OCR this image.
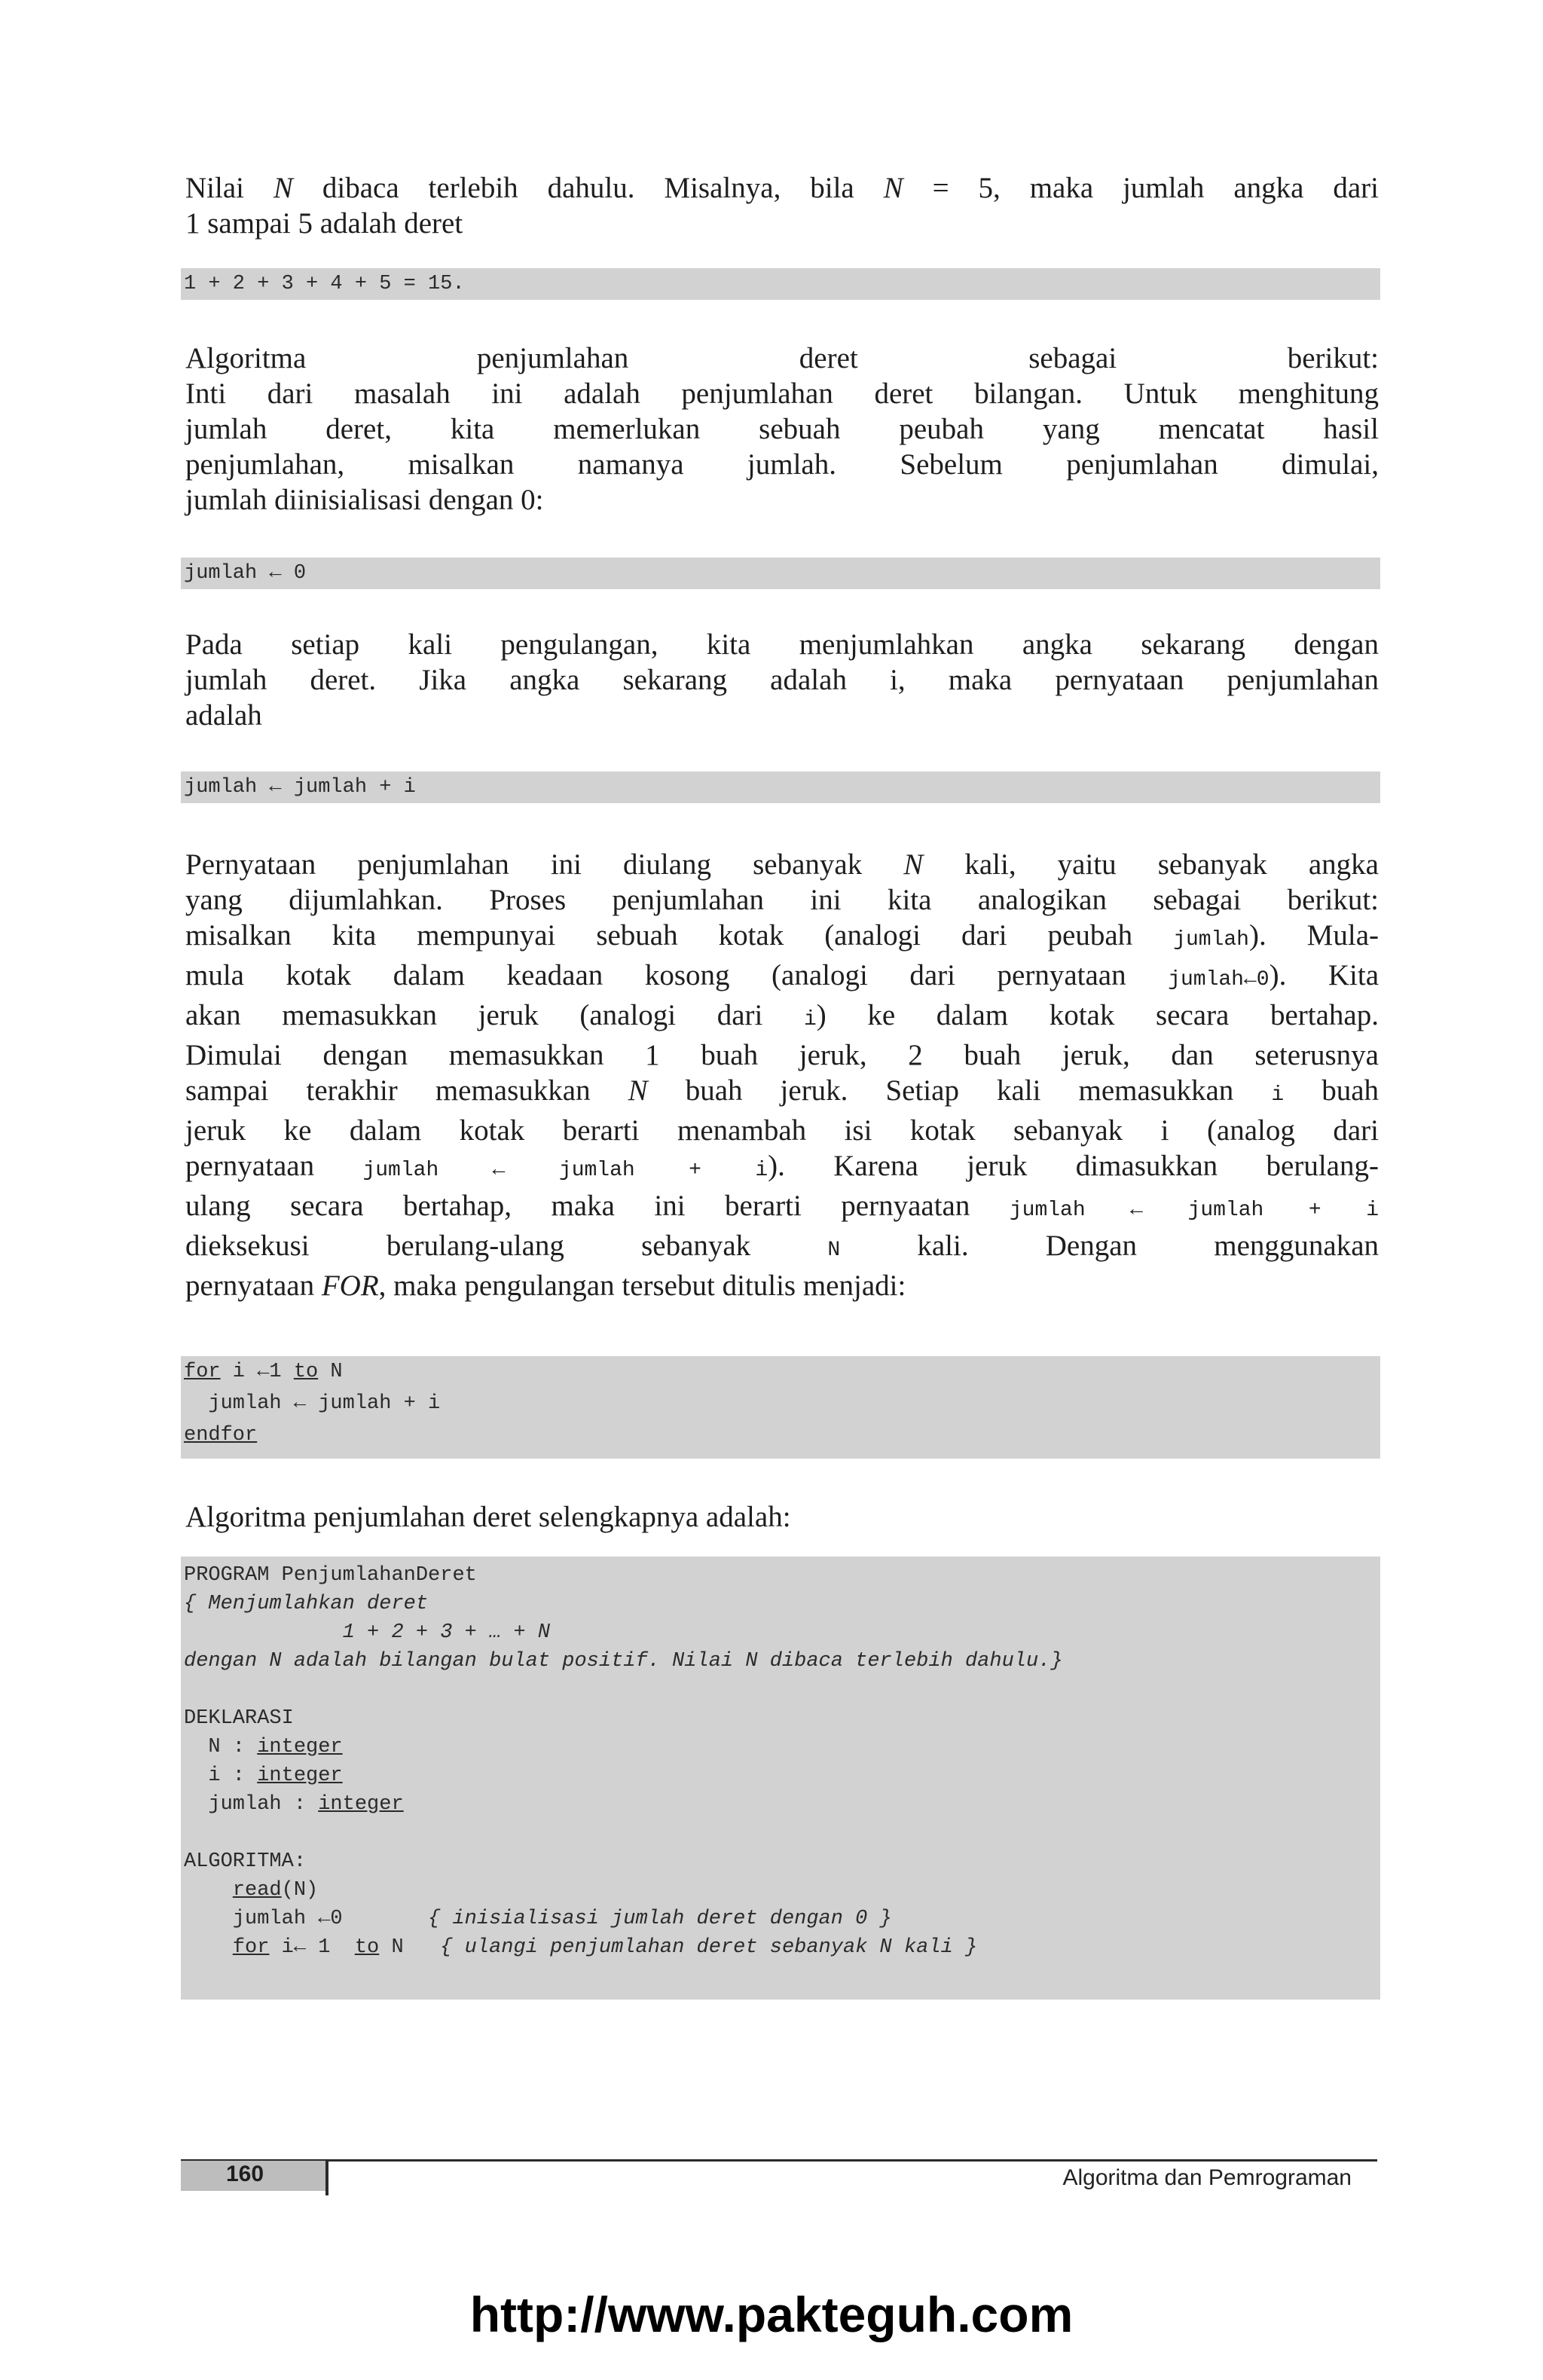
Nilai N dibaca terlebih dahulu. Misalnya, bila N = 5, maka jumlah angka dari
1 sampai 5 adalah deret

1 + 2 + 3 + 4 + 5 = 15.

Algoritma penjumlahan deret sebagai berikut:
Inti dari masalah ini adalah penjumlahan deret bilangan. Untuk menghitung
jumlah deret, kita memerlukan sebuah peubah yang mencatat hasil
penjumlahan, misalkan namanya jumlah. Sebelum penjumlahan dimulai,
jumlah diinisialisasi dengan 0:

jumlah ← 0

Pada setiap kali pengulangan, kita menjumlahkan angka sekarang dengan
jumlah deret. Jika angka sekarang adalah i, maka pernyataan penjumlahan
adalah

jumlah ← jumlah + i

Pernyataan penjumlahan ini diulang sebanyak N kali, yaitu sebanyak angka
yang dijumlahkan. Proses penjumlahan ini kita analogikan sebagai berikut:
misalkan kita mempunyai sebuah kotak (analogi dari peubah jumlah). Mula-
mula kotak dalam keadaan kosong (analogi dari pernyataan jumlah←0). Kita
akan memasukkan jeruk (analogi dari i) ke dalam kotak secara bertahap.
Dimulai dengan memasukkan 1 buah jeruk, 2 buah jeruk, dan seterusnya
sampai terakhir memasukkan N buah jeruk. Setiap kali memasukkan i buah
jeruk ke dalam kotak berarti menambah isi kotak sebanyak i (analog dari
pernyataan jumlah ← jumlah + i). Karena jeruk dimasukkan berulang-
ulang secara bertahap, maka ini berarti pernyaatan jumlah ← jumlah + i
dieksekusi berulang-ulang sebanyak N kali. Dengan menggunakan
pernyataan FOR, maka pengulangan tersebut ditulis menjadi:

for i ←1 to N
jumlah ← jumlah + i
endfor

Algoritma penjumlahan deret selengkapnya adalah:

PROGRAM PenjumlahanDeret
{ Menjumlahkan deret
1 + 2 + 3 + … + N
dengan N adalah bilangan bulat positif. Nilai N dibaca terlebih dahulu.}
DEKLARASI
N : integer
i : integer
jumlah : integer
ALGORITMA:
read(N)
jumlah ←0       { inisialisasi jumlah deret dengan 0 }
for i← 1  to N   { ulangi penjumlahan deret sebanyak N kali }
160	Algoritma dan Pemrograman
http://www.pakteguh.com
